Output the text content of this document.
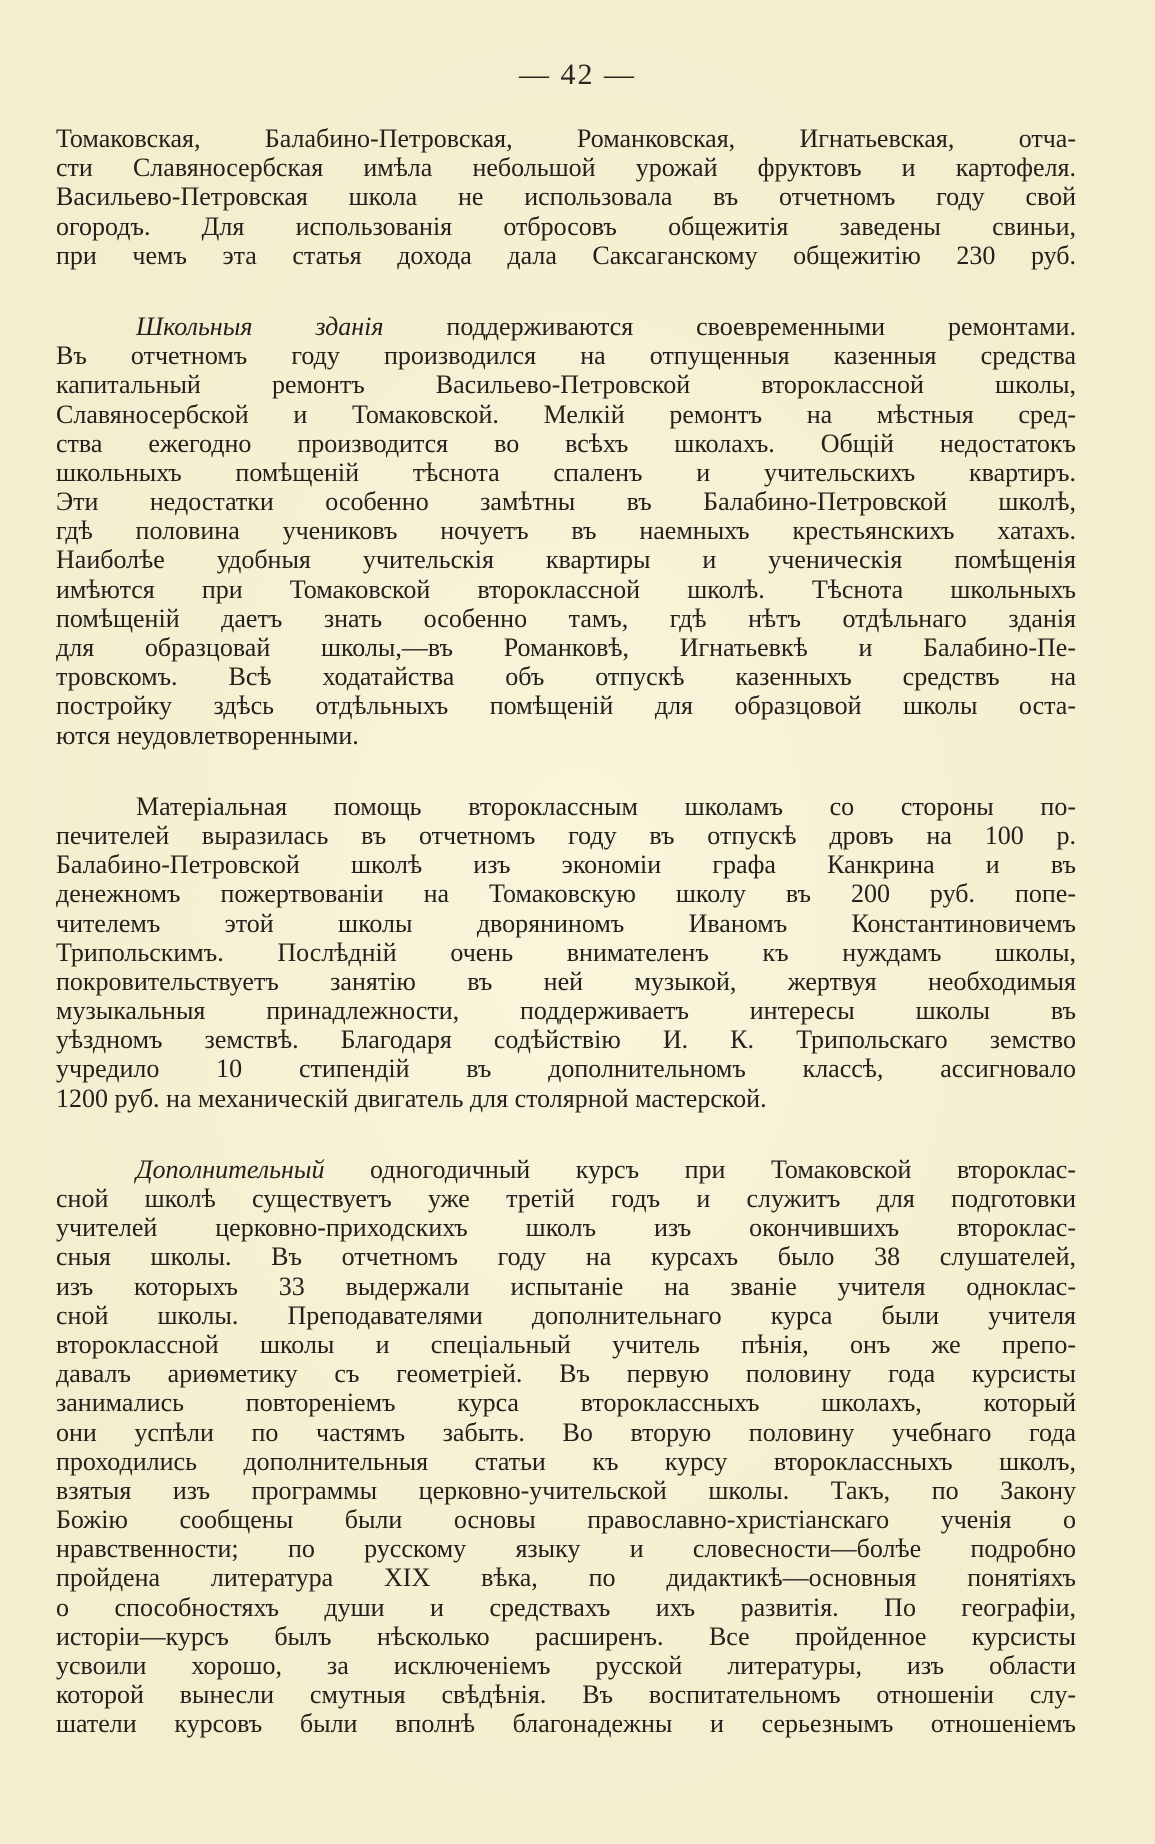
— 42 —
Томаковская, Балабино-Петровская, Романковская, Игнатьевская, отча-
сти Славяносербская имѣла небольшой урожай фруктовъ и картофеля.
Васильево-Петровская школа не использовала въ отчетномъ году свой
огородъ. Для использованія отбросовъ общежитія заведены свиньи,
при чемъ эта статья дохода дала Саксаганскому общежитію 230 руб.
Школьныя зданія поддерживаются своевременными ремонтами.
Въ отчетномъ году производился на отпущенныя казенныя средства
капитальный ремонтъ Васильево-Петровской второклассной школы,
Славяносербской и Томаковской. Мелкій ремонтъ на мѣстныя сред-
ства ежегодно производится во всѣхъ школахъ. Общій недостатокъ
школьныхъ помѣщеній тѣснота спаленъ и учительскихъ квартиръ.
Эти недостатки особенно замѣтны въ Балабино-Петровской школѣ,
гдѣ половина учениковъ ночуетъ въ наемныхъ крестьянскихъ хатахъ.
Наиболѣе удобныя учительскія квартиры и ученическія помѣщенія
имѣются при Томаковской второклассной школѣ. Тѣснота школьныхъ
помѣщеній даетъ знать особенно тамъ, гдѣ нѣтъ отдѣльнаго зданія
для образцовай школы,—въ Романковѣ, Игнатьевкѣ и Балабино-Пе-
тровскомъ. Всѣ ходатайства объ отпускѣ казенныхъ средствъ на
постройку здѣсь отдѣльныхъ помѣщеній для образцовой школы оста-
ются неудовлетворенными.
Матеріальная помощь второклассным школамъ со стороны по-
печителей выразилась въ отчетномъ году въ отпускѣ дровъ на 100 р.
Балабино-Петровской школѣ изъ экономіи графа Канкрина и въ
денежномъ пожертвованіи на Томаковскую школу въ 200 руб. попе-
чителемъ этой школы дворяниномъ Иваномъ Константиновичемъ
Трипольскимъ. Послѣдній очень внимателенъ къ нуждамъ школы,
покровительствуетъ занятію въ ней музыкой, жертвуя необходимыя
музыкальныя принадлежности, поддерживаетъ интересы школы въ
уѣздномъ земствѣ. Благодаря содѣйствію И. К. Трипольскаго земство
учредило 10 стипендій въ дополнительномъ классѣ, ассигновало
1200 руб. на механическій двигатель для столярной мастерской.
Дополнительный одногодичный курсъ при Томаковской второклас-
сной школѣ существуетъ уже третій годъ и служитъ для подготовки
учителей церковно-приходскихъ школъ изъ окончившихъ второклас-
сныя школы. Въ отчетномъ году на курсахъ было 38 слушателей,
изъ которыхъ 33 выдержали испытаніе на званіе учителя одноклас-
сной школы. Преподавателями дополнительнаго курса были учителя
второклассной школы и спеціальный учитель пѣнія, онъ же препо-
давалъ ариѳметику съ геометріей. Въ первую половину года курсисты
занимались повтореніемъ курса второклассныхъ школахъ, который
они успѣли по частямъ забыть. Во вторую половину учебнаго года
проходились дополнительныя статьи къ курсу второклассныхъ школъ,
взятыя изъ программы церковно-учительской школы. Такъ, по Закону
Божію сообщены были основы православно-христіанскаго ученія о
нравственности; по русскому языку и словесности—болѣе подробно
пройдена литература XIX вѣка, по дидактикѣ—основныя понятіяхъ
о способностяхъ души и средствахъ ихъ развитія. По географіи,
исторіи—курсъ былъ нѣсколько расширенъ. Все пройденное курсисты
усвоили хорошо, за исключеніемъ русской литературы, изъ области
которой вынесли смутныя свѣдѣнія. Въ воспитательномъ отношеніи слу-
шатели курсовъ были вполнѣ благонадежны и серьезнымъ отношеніемъ
